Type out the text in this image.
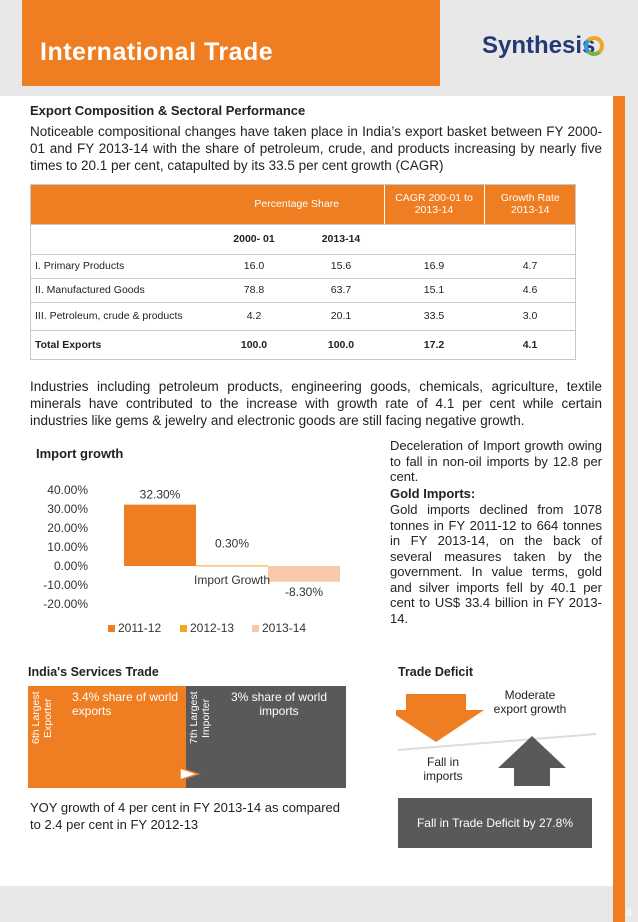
International Trade	Synthesis
8
Export Composition & Sectoral Performance
Noticeable compositional changes have taken place in India’s export basket between FY 2000-01 and FY 2013-14 with the share of petroleum, crude, and products increasing by nearly five times to 20.1 per cent, catapulted by its 33.5 per cent growth (CAGR)
	Percentage Share		CAGR 200-01 to 2013-14	Growth Rate 2013-14
	2000- 01	2013-14		
I. Primary Products	16.0	15.6	16.9	4.7
II. Manufactured Goods	78.8	63.7	15.1	4.6
III. Petroleum, crude & products	4.2	20.1	33.5	3.0
Total Exports	100.0	100.0	17.2	4.1
Industries including petroleum products, engineering goods, chemicals, agriculture, textile minerals have contributed to the increase with growth rate of 4.1 per cent while certain industries like gems & jewelry and electronic goods are still facing negative growth.
Import growth
40.00%
30.00%
20.00%
10.00%
0.00%
-10.00%
-20.00%
32.30%
0.30%
-8.30%
Import Growth
2011-12 2012-13 2013-14
Deceleration of Import growth owing to fall in non-oil imports by 12.8 per cent.
Gold Imports:
Gold imports declined from 1078 tonnes in FY 2011-12 to 664 tonnes in FY 2013-14, on the back of several measures taken by the government. In value terms, gold and silver imports fell by 40.1 per cent to US$ 33.4 billion in FY 2013-14.
India's Services Trade	Trade Deficit
6th Largest Exporter
3.4% share of world exports	7th Largest Importer
3% share of world imports
YOY growth of 4 per cent in FY 2013-14 as compared to 2.4 per cent in FY 2012-13
Moderate export growth
Fall in imports
Fall in Trade Deficit by 27.8%
